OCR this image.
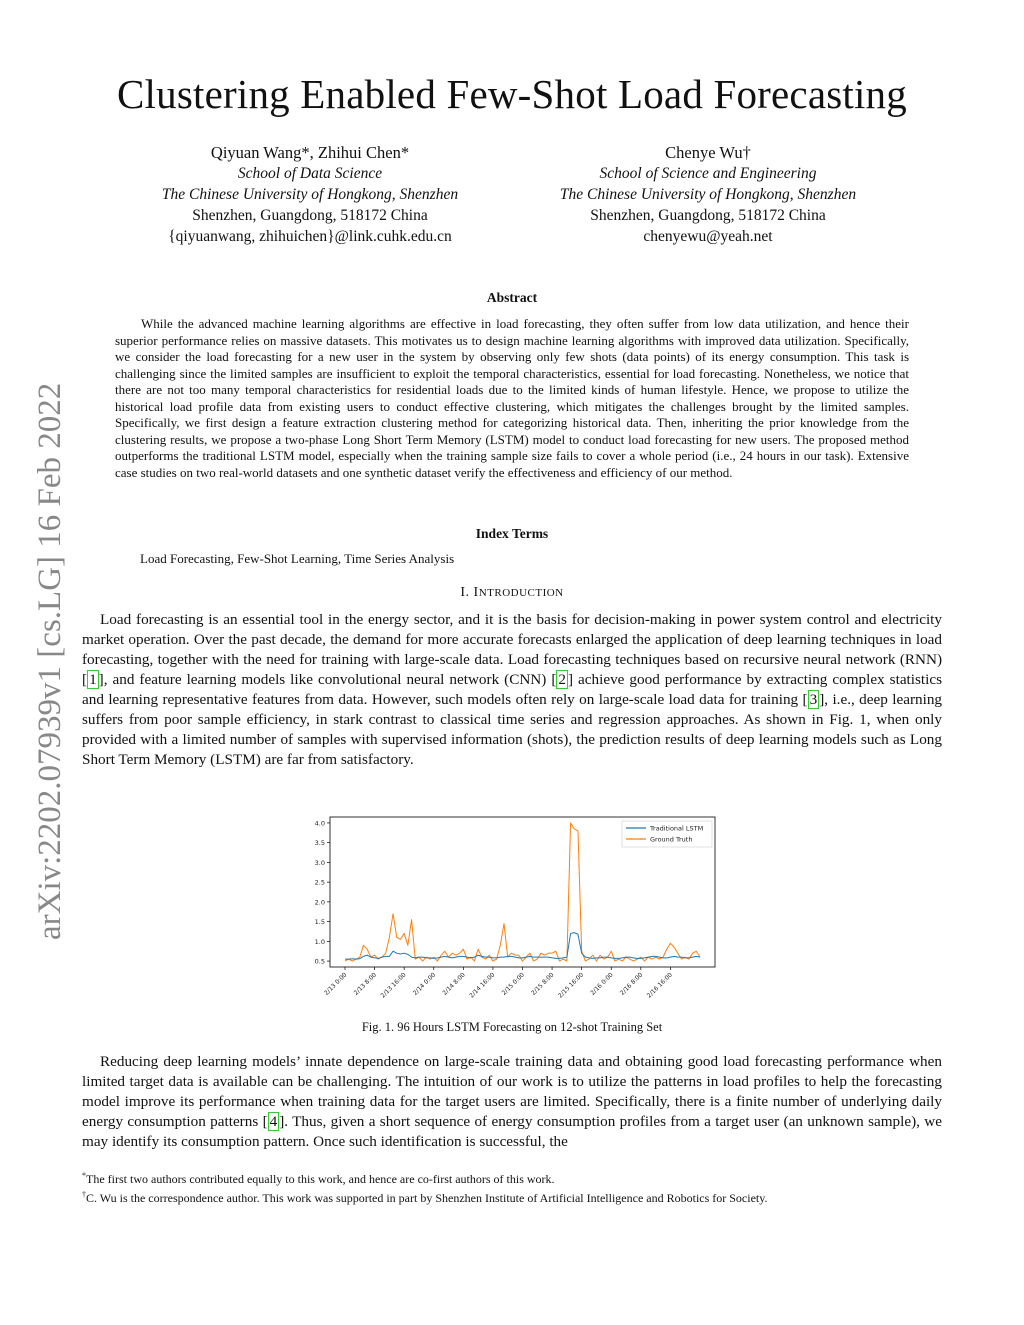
arXiv:2202.07939v1 [cs.LG] 16 Feb 2022
Clustering Enabled Few-Shot Load Forecasting
Qiyuan Wang*, Zhihui Chen*
School of Data Science
The Chinese University of Hongkong, Shenzhen
Shenzhen, Guangdong, 518172 China
{qiyuanwang, zhihuichen}@link.cuhk.edu.cn
Chenye Wu†
School of Science and Engineering
The Chinese University of Hongkong, Shenzhen
Shenzhen, Guangdong, 518172 China
chenyewu@yeah.net
Abstract

While the advanced machine learning algorithms are effective in load forecasting, they often suffer from low data utilization, and hence their superior performance relies on massive datasets. This motivates us to design machine learning algorithms with improved data utilization. Specifically, we consider the load forecasting for a new user in the system by observing only few shots (data points) of its energy consumption. This task is challenging since the limited samples are insufficient to exploit the temporal characteristics, essential for load forecasting. Nonetheless, we notice that there are not too many temporal characteristics for residential loads due to the limited kinds of human lifestyle. Hence, we propose to utilize the historical load profile data from existing users to conduct effective clustering, which mitigates the challenges brought by the limited samples. Specifically, we first design a feature extraction clustering method for categorizing historical data. Then, inheriting the prior knowledge from the clustering results, we propose a two-phase Long Short Term Memory (LSTM) model to conduct load forecasting for new users. The proposed method outperforms the traditional LSTM model, especially when the training sample size fails to cover a whole period (i.e., 24 hours in our task). Extensive case studies on two real-world datasets and one synthetic dataset verify the effectiveness and efficiency of our method.

Index Terms
Load Forecasting, Few-Shot Learning, Time Series Analysis
I. INTRODUCTION

Load forecasting is an essential tool in the energy sector, and it is the basis for decision-making in power system control and electricity market operation. Over the past decade, the demand for more accurate forecasts enlarged the application of deep learning techniques in load forecasting, together with the need for training with large-scale data. Load forecasting techniques based on recursive neural network (RNN) [ 1 ], and feature learning models like convolutional neural network (CNN) [ 2 ] achieve good performance by extracting complex statistics and learning representative features from data. However, such models often rely on large-scale load data for training [ 3 ], i.e., deep learning suffers from poor sample efficiency, in stark contrast to classical time series and regression approaches. As shown in Fig. 1, when only provided with a limited number of samples with supervised information (shots), the prediction results of deep learning models such as Long Short Term Memory (LSTM) are far from satisfactory.

0.5
1.0
1.5
2.0
2.5
3.0
3.5
4.0
2/13 0:00 2/13 8:00 2/13 16:00 2/14 0:00 2/14 8:00 2/14 16:00 2/15 0:00 2/15 8:00 2/15 16:00 2/16 0:00 2/16 8:00 2/16 16:00
Traditional LSTM
Ground Truth
Fig. 1. 96 Hours LSTM Forecasting on 12-shot Training Set

Reducing deep learning models’ innate dependence on large-scale training data and obtaining good load forecasting performance when limited target data is available can be challenging. The intuition of our work is to utilize the patterns in load profiles to help the forecasting model improve its performance when training data for the target users are limited. Specifically, there is a finite number of underlying daily energy consumption patterns [ 4 ]. Thus, given a short sequence of energy consumption profiles from a target user (an unknown sample), we may identify its consumption pattern. Once such identification is successful, the

*The first two authors contributed equally to this work, and hence are co-first authors of this work.
†C. Wu is the correspondence author. This work was supported in part by Shenzhen Institute of Artificial Intelligence and Robotics for Society.
